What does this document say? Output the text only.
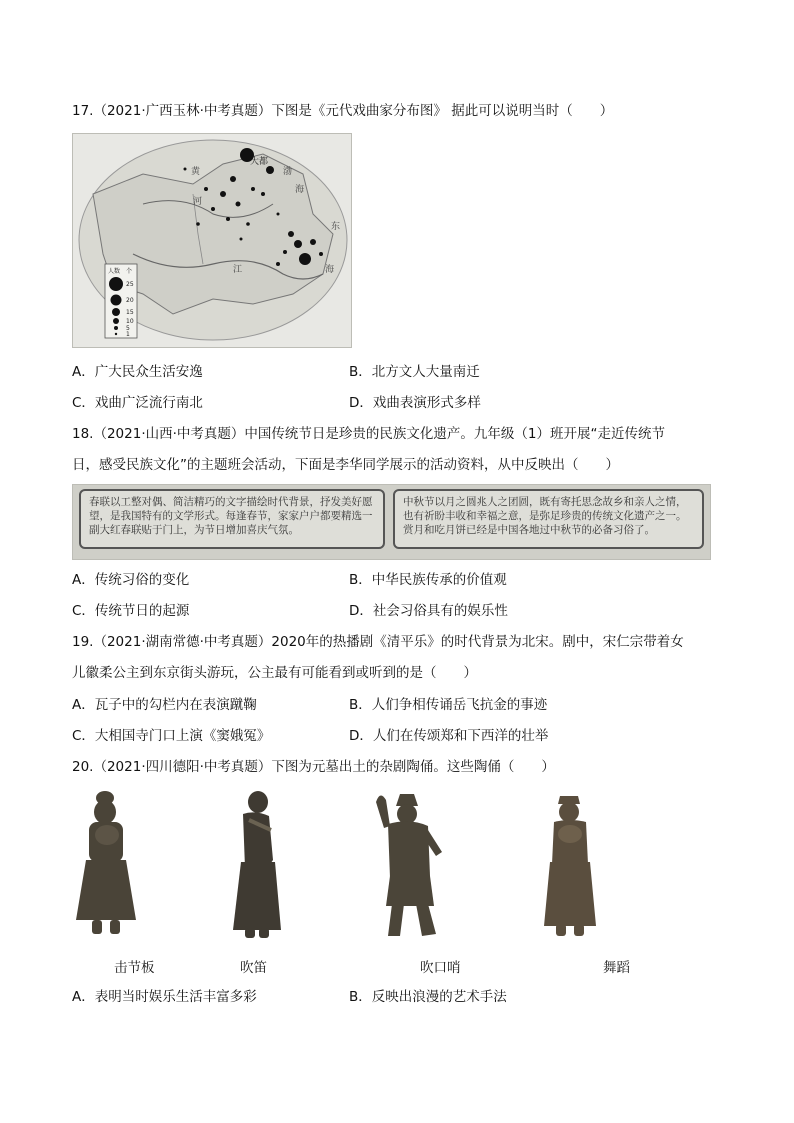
17.（2021·广西玉林·中考真题）下图是《元代戏曲家分布图》 据此可以说明当时（　　）
大都
渤
海
东
海
黄
河
江
人数 个
25
20
15
10
5
1
A．广大民众生活安逸	B．北方文人大量南迁
C．戏曲广泛流行南北	D．戏曲表演形式多样
18.（2021·山西·中考真题）中国传统节日是珍贵的民族文化遗产。九年级（1）班开展“走近传统节
日，感受民族文化”的主题班会活动，下面是李华同学展示的活动资料，从中反映出（　　）
春联以工整对偶、简洁精巧的文字描绘时代背景，抒发美好愿望，是我国特有的文学形式。每逢春节，家家户户都要精选一副大红春联贴于门上，为节日增加喜庆气氛。
中秋节以月之圆兆人之团圆，既有寄托思念故乡和亲人之情，也有祈盼丰收和幸福之意，是弥足珍贵的传统文化遗产之一。赏月和吃月饼已经是中国各地过中秋节的必备习俗了。
A．传统习俗的变化	B．中华民族传承的价值观
C．传统节日的起源	D．社会习俗具有的娱乐性
19.（2021·湖南常德·中考真题）2020年的热播剧《清平乐》的时代背景为北宋。剧中，宋仁宗带着女
儿徽柔公主到东京街头游玩，公主最有可能看到或听到的是（　　）
A．瓦子中的勾栏内在表演蹴鞠	B．人们争相传诵岳飞抗金的事迹
C．大相国寺门口上演《窦娥冤》	D．人们在传颂郑和下西洋的壮举
20.（2021·四川德阳·中考真题）下图为元墓出土的杂剧陶俑。这些陶俑（　　）
击节板	吹笛	吹口哨	舞蹈
A．表明当时娱乐生活丰富多彩	B．反映出浪漫的艺术手法
